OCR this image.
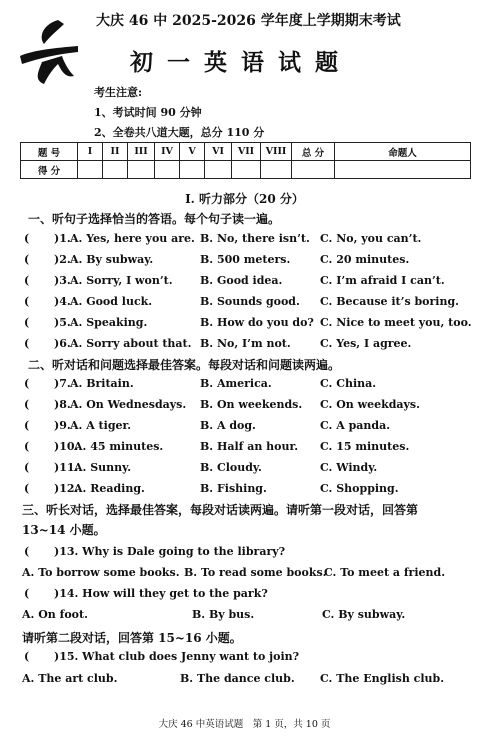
大庆 46 中 2025-2026 学年度上学期期末考试
初一英语试题
考生注意:
1、考试时间 90 分钟
2、全卷共八道大题，总分 110 分
题 号	I	II	III	IV	V	VI	VII	VIII	总 分	命题人
得 分										
I. 听力部分（20 分）
一、听句子选择恰当的答语。每个句子读一遍。
( )1. A. Yes, here you are. B. No, there isn’t. C. No, you can’t.
( )2. A. By subway.	B. 500 meters.	C. 20 minutes.
( )3. A. Sorry, I won’t. B. Good idea.	C. I’m afraid I can’t.
( )4. A. Good luck.	B. Sounds good. C. Because it’s boring.
( )5. A. Speaking.	B. How do you do? C. Nice to meet you, too.
( )6. A. Sorry about that. B. No, I’m not.	C. Yes, I agree.
二、听对话和问题选择最佳答案。每段对话和问题读两遍。
( )7. A. Britain.	B. America.	C. China.
( )8. A. On Wednesdays. B. On weekends. C. On weekdays.
( )9. A. A tiger.	B. A dog.	C. A panda.
( )10.
A. 45 minutes.	B. Half an hour. C. 15 minutes.
( )11.
A. Sunny.	B. Cloudy.	C. Windy.
( )12.
A. Reading.	B. Fishing.	C. Shopping.
三、听长对话，选择最佳答案，每段对话读两遍。请听第一段对话，回答第 13~14 小题。
( )13. Why is Dale going to the library?
A. To borrow some books. B. To read some books.
C. To meet a friend.
( )14. How will they get to the park?
A. On foot.	B. By bus.	C. By subway.
请听第二段对话，回答第 15~16 小题。
( )15. What club does Jenny want to join?
A. The art club.	B. The dance club. C. The English club.
大庆 46 中英语试题　第 1 页，共 10 页
